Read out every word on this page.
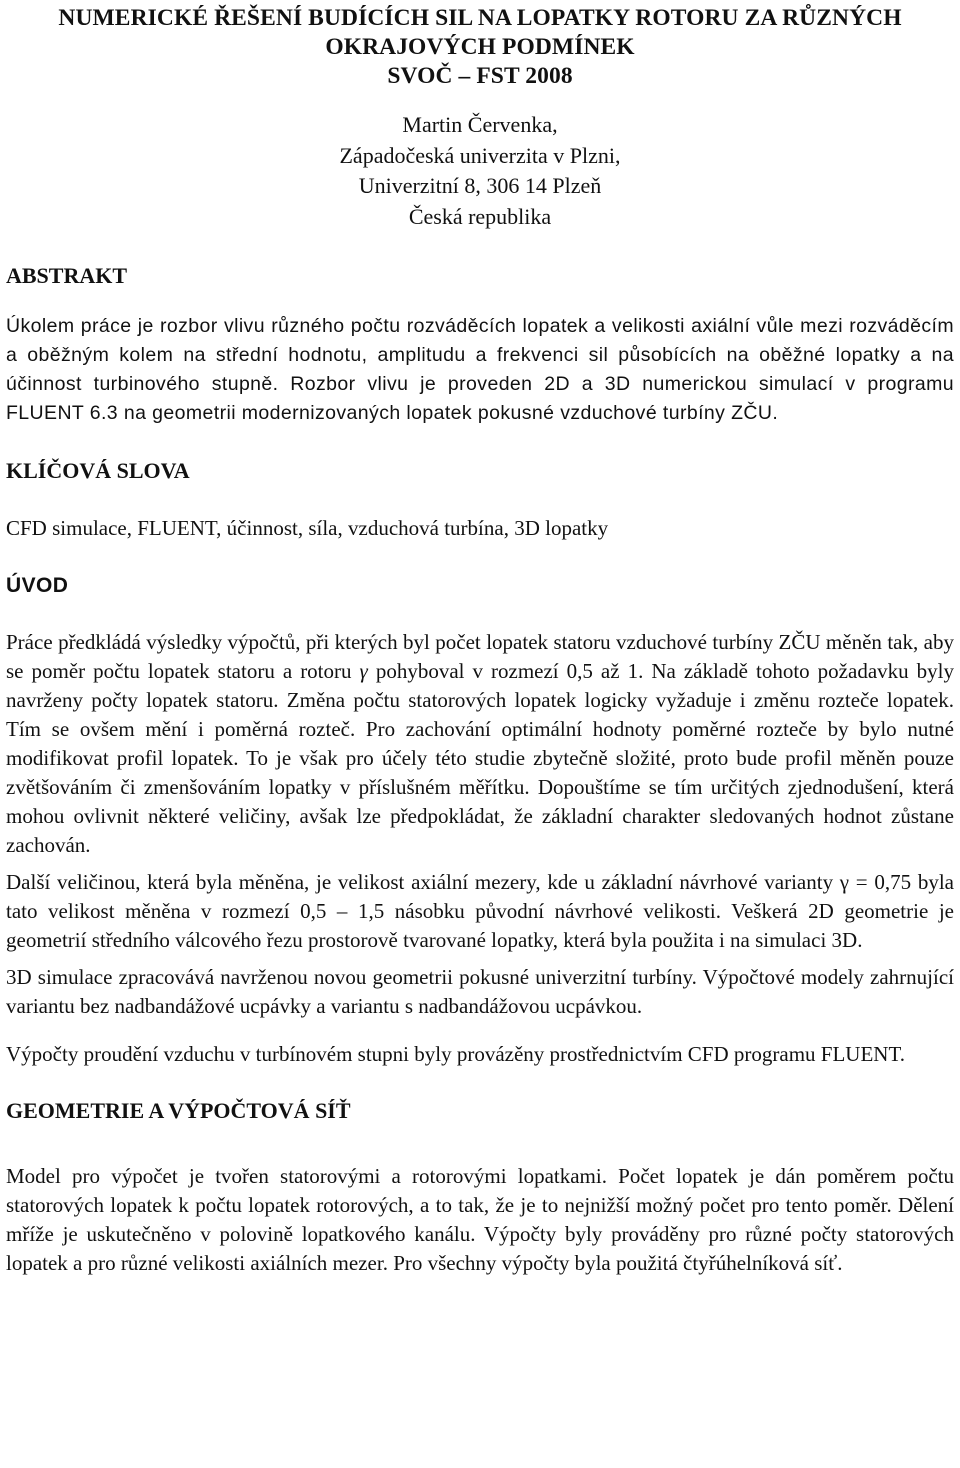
NUMERICKÉ ŘEŠENÍ BUDÍCÍCH SIL NA LOPATKY ROTORU ZA RŮZNÝCH
OKRAJOVÝCH PODMÍNEK
SVOČ – FST 2008
Martin Červenka,
Západočeská univerzita v Plzni,
Univerzitní 8, 306 14 Plzeň
Česká republika
ABSTRAKT

Úkolem práce je rozbor vlivu různého počtu rozváděcích lopatek a velikosti axiální vůle mezi rozváděcím a oběžným kolem na střední hodnotu, amplitudu a frekvenci sil působících na oběžné lopatky a na účinnost turbinového stupně. Rozbor vlivu je proveden 2D a 3D numerickou simulací v programu FLUENT 6.3 na geometrii modernizovaných lopatek pokusné vzduchové turbíny ZČU.

KLÍČOVÁ SLOVA

CFD simulace, FLUENT, účinnost, síla, vzduchová turbína, 3D lopatky

ÚVOD

Práce předkládá výsledky výpočtů, při kterých byl počet lopatek statoru vzduchové turbíny ZČU měněn tak, aby se poměr počtu lopatek statoru a rotoru γ pohyboval v rozmezí 0,5 až 1. Na základě tohoto požadavku byly navrženy počty lopatek statoru. Změna počtu statorových lopatek logicky vyžaduje i změnu rozteče lopatek. Tím se ovšem mění i poměrná rozteč. Pro zachování optimální hodnoty poměrné rozteče by bylo nutné modifikovat profil lopatek. To je však pro účely této studie zbytečně složité, proto bude profil měněn pouze zvětšováním či zmenšováním lopatky v příslušném měřítku. Dopouštíme se tím určitých zjednodušení, která mohou ovlivnit některé veličiny, avšak lze předpokládat, že základní charakter sledovaných hodnot zůstane zachován.

Další veličinou, která byla měněna, je velikost axiální mezery, kde u základní návrhové varianty γ = 0,75 byla tato velikost měněna v rozmezí 0,5 – 1,5 násobku původní návrhové velikosti. Veškerá 2D geometrie je geometrií středního válcového řezu prostorově tvarované lopatky, která byla použita i na simulaci 3D.

3D simulace zpracovává navrženou novou geometrii pokusné univerzitní turbíny. Výpočtové modely zahrnující variantu bez nadbandážové ucpávky a variantu s nadbandážovou ucpávkou.

Výpočty proudění vzduchu v turbínovém stupni byly provázěny prostřednictvím CFD programu FLUENT.

GEOMETRIE A VÝPOČTOVÁ SÍŤ

Model pro výpočet je tvořen statorovými a rotorovými lopatkami. Počet lopatek je dán poměrem počtu statorových lopatek k počtu lopatek rotorových, a to tak, že je to nejnižší možný počet pro tento poměr. Dělení mříže je uskutečněno v polovině lopatkového kanálu. Výpočty byly prováděny pro různé počty statorových lopatek a pro různé velikosti axiálních mezer. Pro všechny výpočty byla použitá čtyřúhelníková síť.
